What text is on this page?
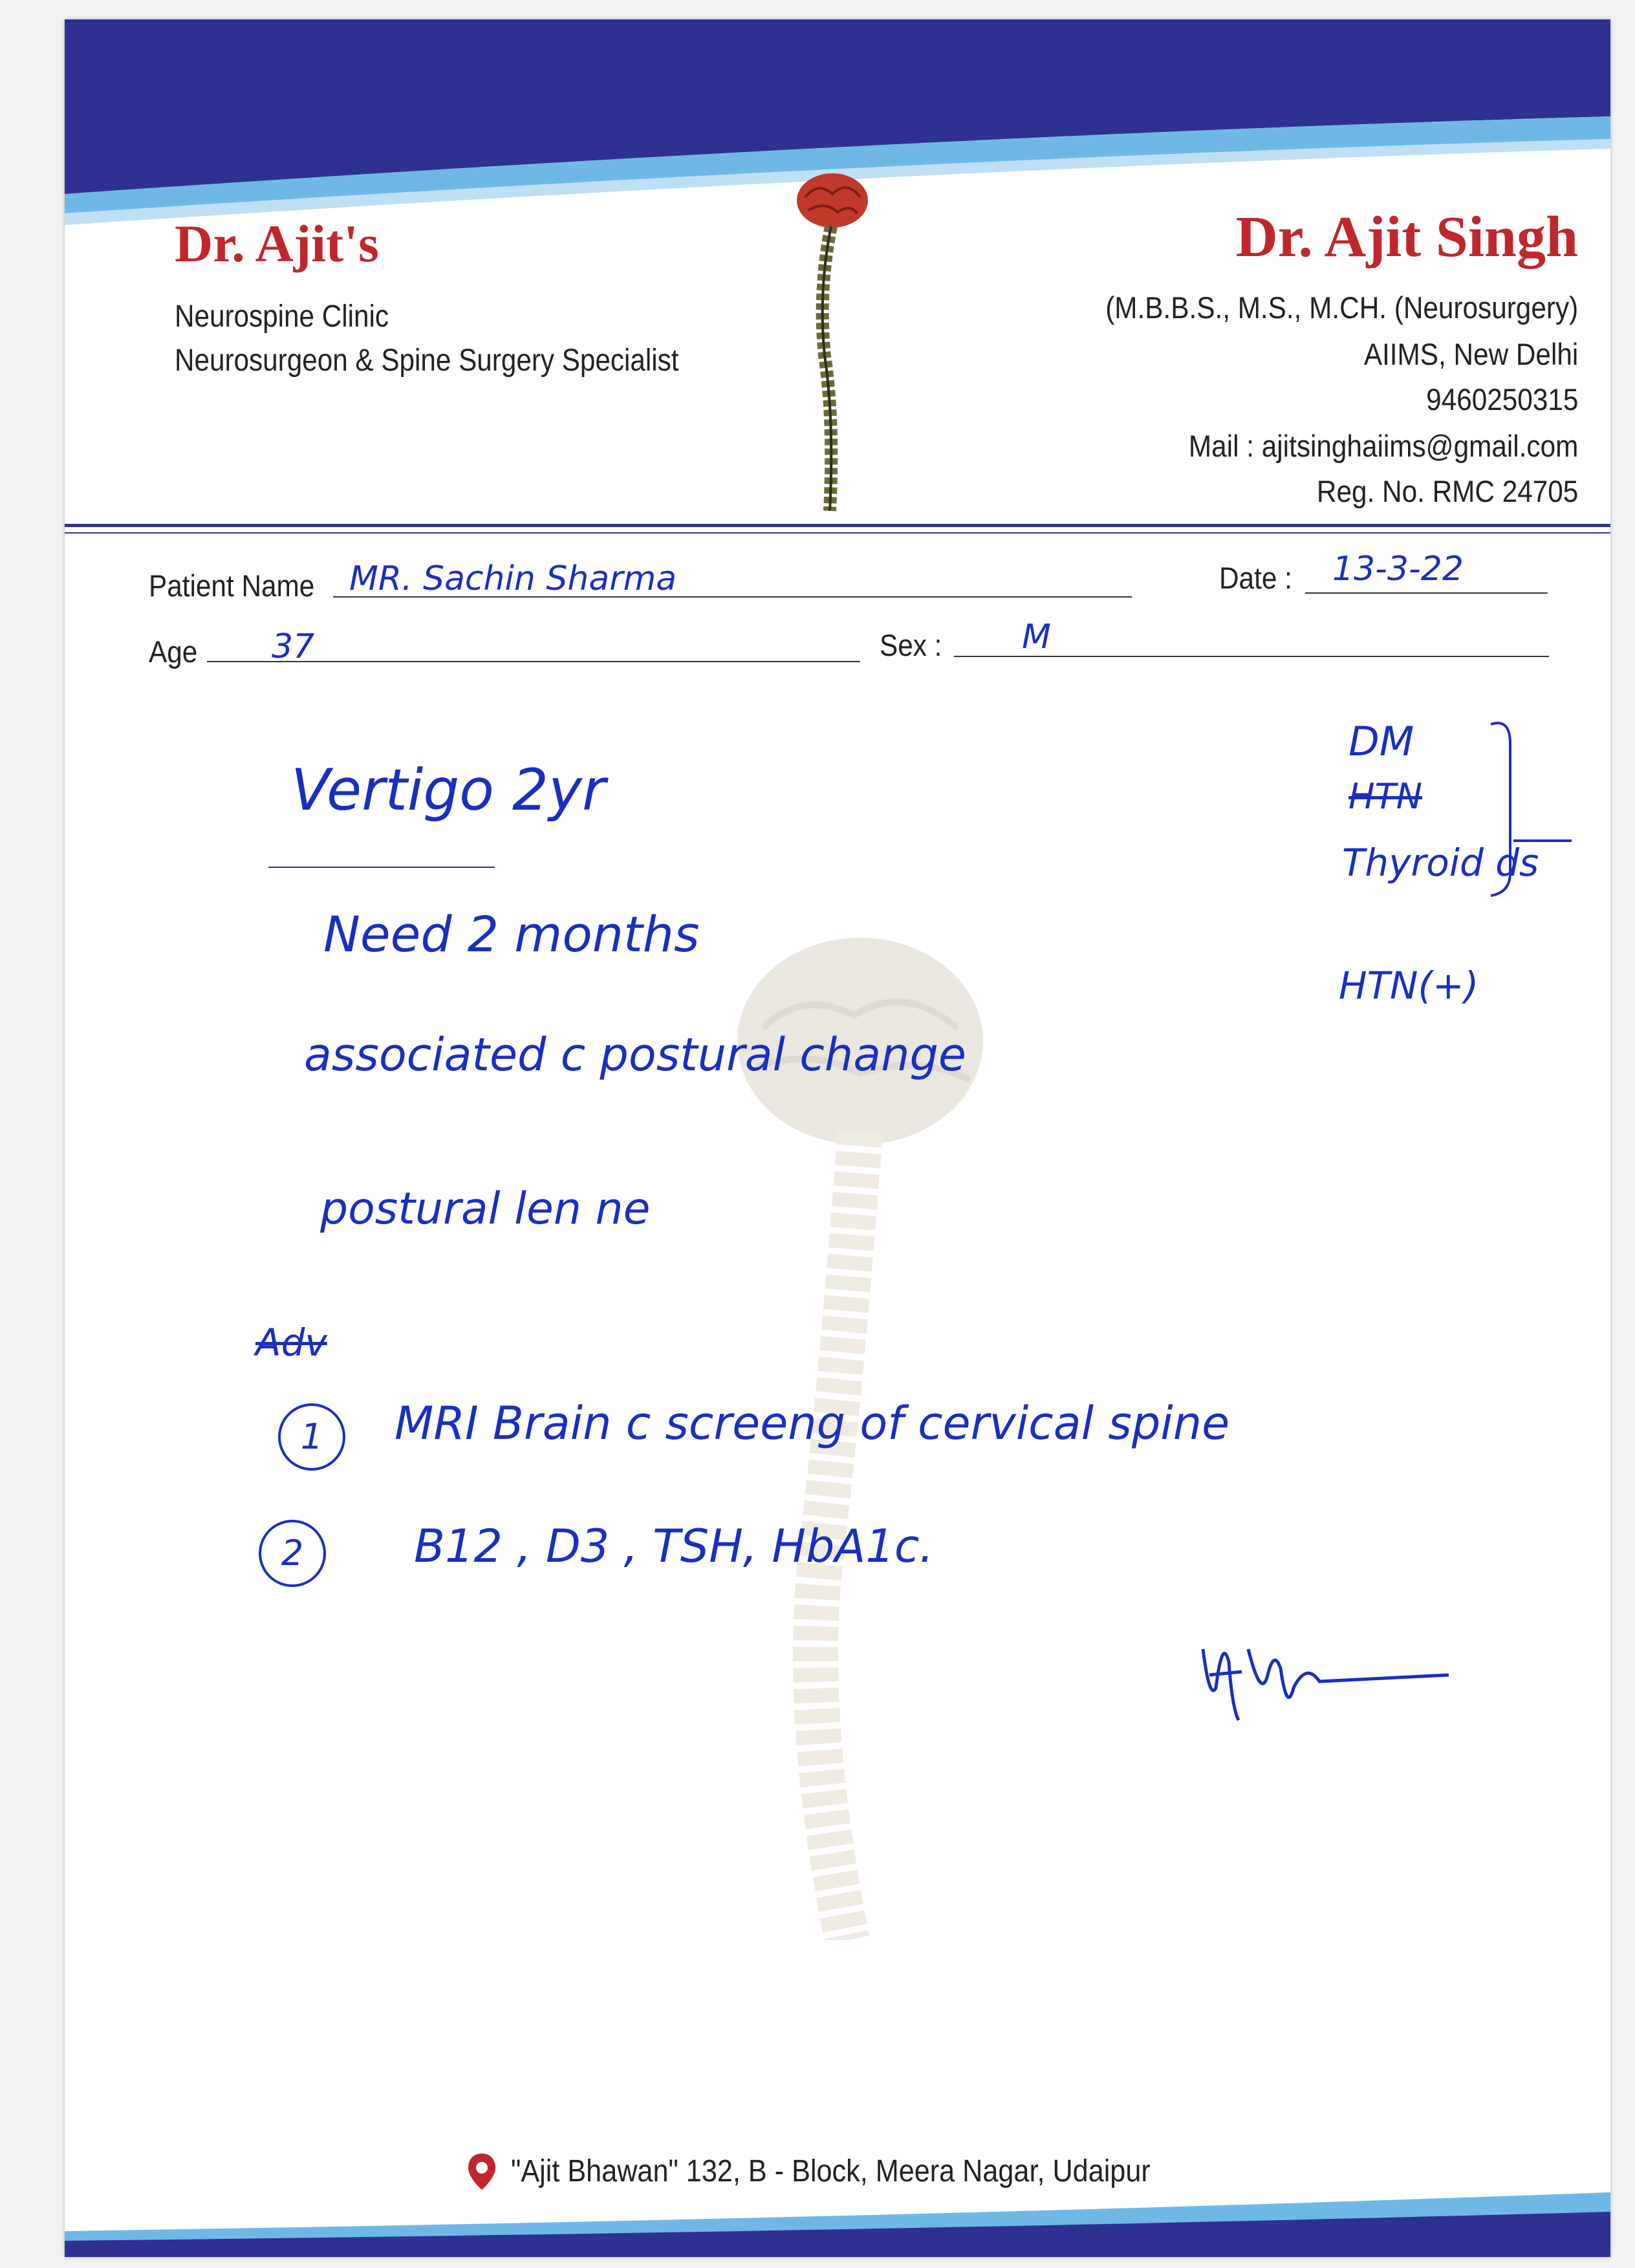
Dr. Ajit's
Neurospine Clinic
Neurosurgeon & Spine Surgery Specialist
Dr. Ajit Singh
(M.B.B.S., M.S., M.CH. (Neurosurgery)
AIIMS, New Delhi
9460250315
Mail : ajitsinghaiims@gmail.com
Reg. No. RMC 24705
Patient Name MR. Sachin Sharma	Date : 13-3-22
Age 37	Sex : M
Vertigo 2yr
Need 2 months
associated c postural change
postural len ne
Adv
1	MRI Brain c screeng of cervical spine
2	B12 , D3 , TSH, HbA1c.
DM
HTN
Thyroid ds
HTN(+)
"Ajit Bhawan" 132, B - Block, Meera Nagar, Udaipur
